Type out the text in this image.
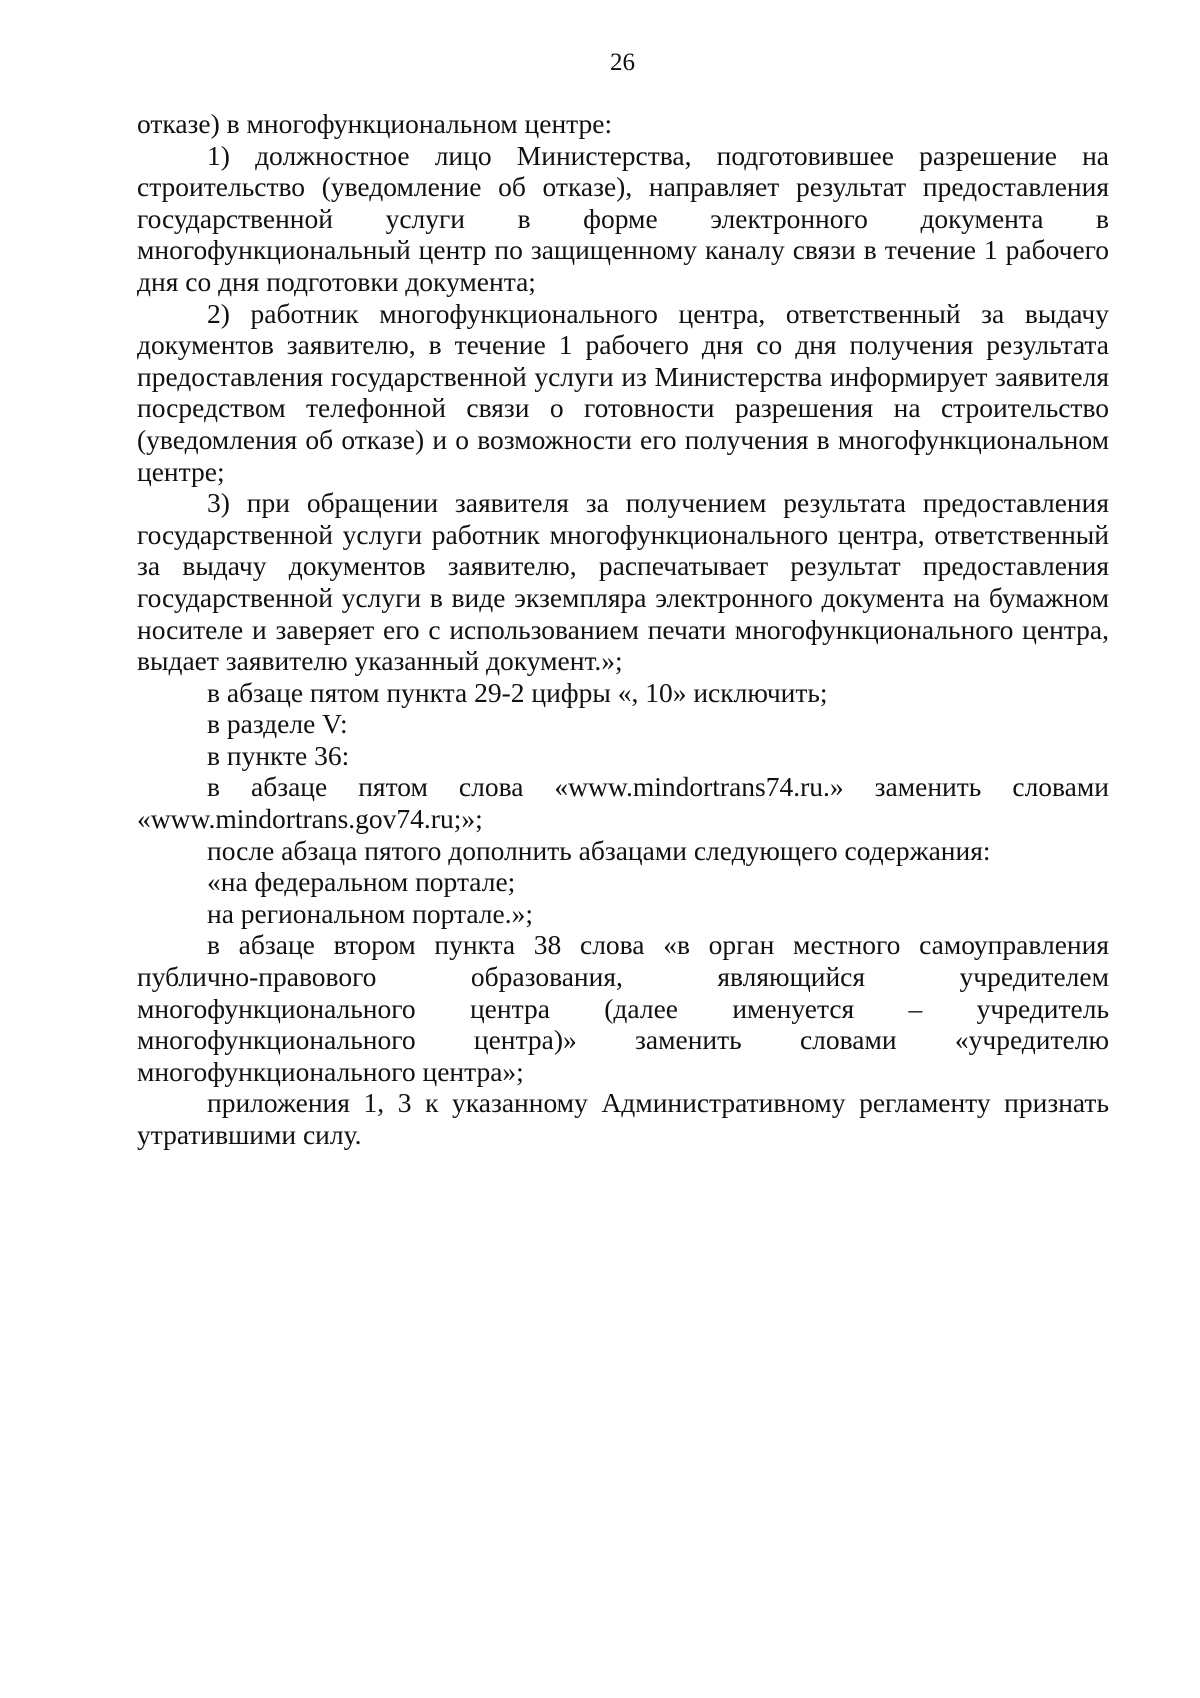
26

отказе) в многофункциональном центре:

1) должностное лицо Министерства, подготовившее разрешение на строительство (уведомление об отказе), направляет результат предоставления государственной услуги в форме электронного документа в многофункциональный центр по защищенному каналу связи в течение 1 рабочего дня со дня подготовки документа;

2) работник многофункционального центра, ответственный за выдачу документов заявителю, в течение 1 рабочего дня со дня получения результата предоставления государственной услуги из Министерства информирует заявителя посредством телефонной связи о готовности разрешения на строительство (уведомления об отказе) и о возможности его получения в многофункциональном центре;

3) при обращении заявителя за получением результата предоставления государственной услуги работник многофункционального центра, ответственный за выдачу документов заявителю, распечатывает результат предоставления государственной услуги в виде экземпляра электронного документа на бумажном носителе и заверяет его с использованием печати многофункционального центра, выдает заявителю указанный документ.»;

в абзаце пятом пункта 29-2 цифры «, 10» исключить;

в разделе V:

в пункте 36:

в абзаце пятом слова «www.mindortrans74.ru.» заменить словами «www.mindortrans.gov74.ru;»;

после абзаца пятого дополнить абзацами следующего содержания:

«на федеральном портале;

на региональном портале.»;

в абзаце втором пункта 38 слова «в орган местного самоуправления публично-правового образования, являющийся учредителем многофункционального центра (далее именуется – учредитель многофункционального центра)» заменить словами «учредителю многофункционального центра»;

приложения 1, 3 к указанному Административному регламенту признать утратившими силу.
